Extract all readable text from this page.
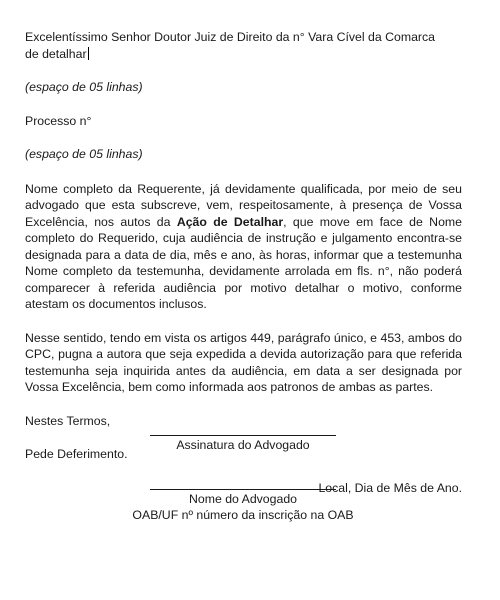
Excelentíssimo Senhor Doutor Juiz de Direito da n° Vara Cível da Comarca

de detalhar

(espaço de 05 linhas)

Processo n°

(espaço de 05 linhas)

Nome completo da Requerente, já devidamente qualificada, por meio de seu advogado que esta subscreve, vem, respeitosamente, à presença de Vossa Excelência, nos autos da Ação de Detalhar, que move em face de Nome completo do Requerido, cuja audiência de instrução e julgamento encontra-se designada para a data de dia, mês e ano, às horas, informar que a testemunha Nome completo da testemunha, devidamente arrolada em fls. n°, não poderá comparecer à referida audiência por motivo detalhar o motivo, conforme atestam os documentos inclusos.

Nesse sentido, tendo em vista os artigos 449, parágrafo único, e 453, ambos do CPC, pugna a autora que seja expedida a devida autorização para que referida testemunha seja inquirida antes da audiência, em data a ser designada por Vossa Excelência, bem como informada aos patronos de ambas as partes.

Nestes Termos,

Pede Deferimento.

Local, Dia de Mês de Ano.

Assinatura do Advogado
Nome do Advogado
OAB/UF nº número da inscrição na OAB
